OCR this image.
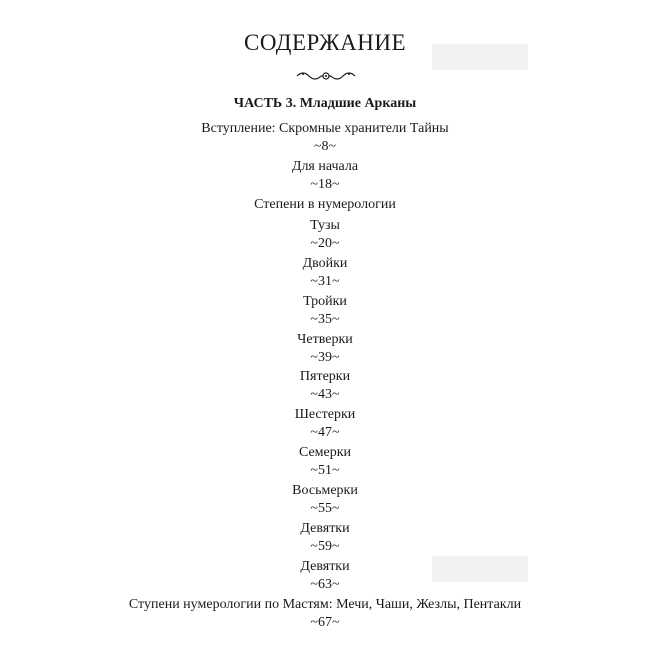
СОДЕРЖАНИЕ
ЧАСТЬ 3. Младшие Арканы
Вступление: Скромные хранители Тайны
~8~
Для начала
~18~
Степени в нумерологии
Тузы
~20~
Двойки
~31~
Тройки
~35~
Четверки
~39~
Пятерки
~43~
Шестерки
~47~
Семерки
~51~
Восьмерки
~55~
Девятки
~59~
Девятки
~63~
Ступени нумерологии по Мастям: Мечи, Чаши, Жезлы, Пентакли
~67~
